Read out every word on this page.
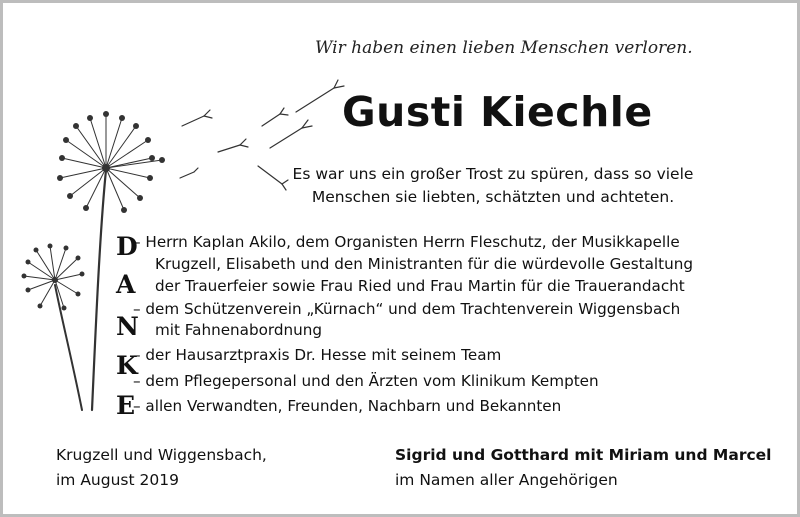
Wir haben einen lieben Menschen verloren.
Gusti Kiechle
Es war uns ein großer Trost zu spüren, dass so viele
Menschen sie liebten, schätzten und achteten.
D
A
N
K
E
– Herrn Kaplan Akilo, dem Organisten Herrn Fleschutz, der Musikkapelle
Krugzell, Elisabeth und den Ministranten für die würdevolle Gestaltung
der Trauerfeier sowie Frau Ried und Frau Martin für die Trauerandacht
– dem Schützenverein „Kürnach“ und dem Trachtenverein Wiggensbach
mit Fahnenabordnung
– der Hausarztpraxis Dr. Hesse mit seinem Team
– dem Pflegepersonal und den Ärzten vom Klinikum Kempten
– allen Verwandten, Freunden, Nachbarn und Bekannten
Krugzell und Wiggensbach,
im August 2019
Sigrid und Gotthard mit Miriam und Marcel
im Namen aller Angehörigen
